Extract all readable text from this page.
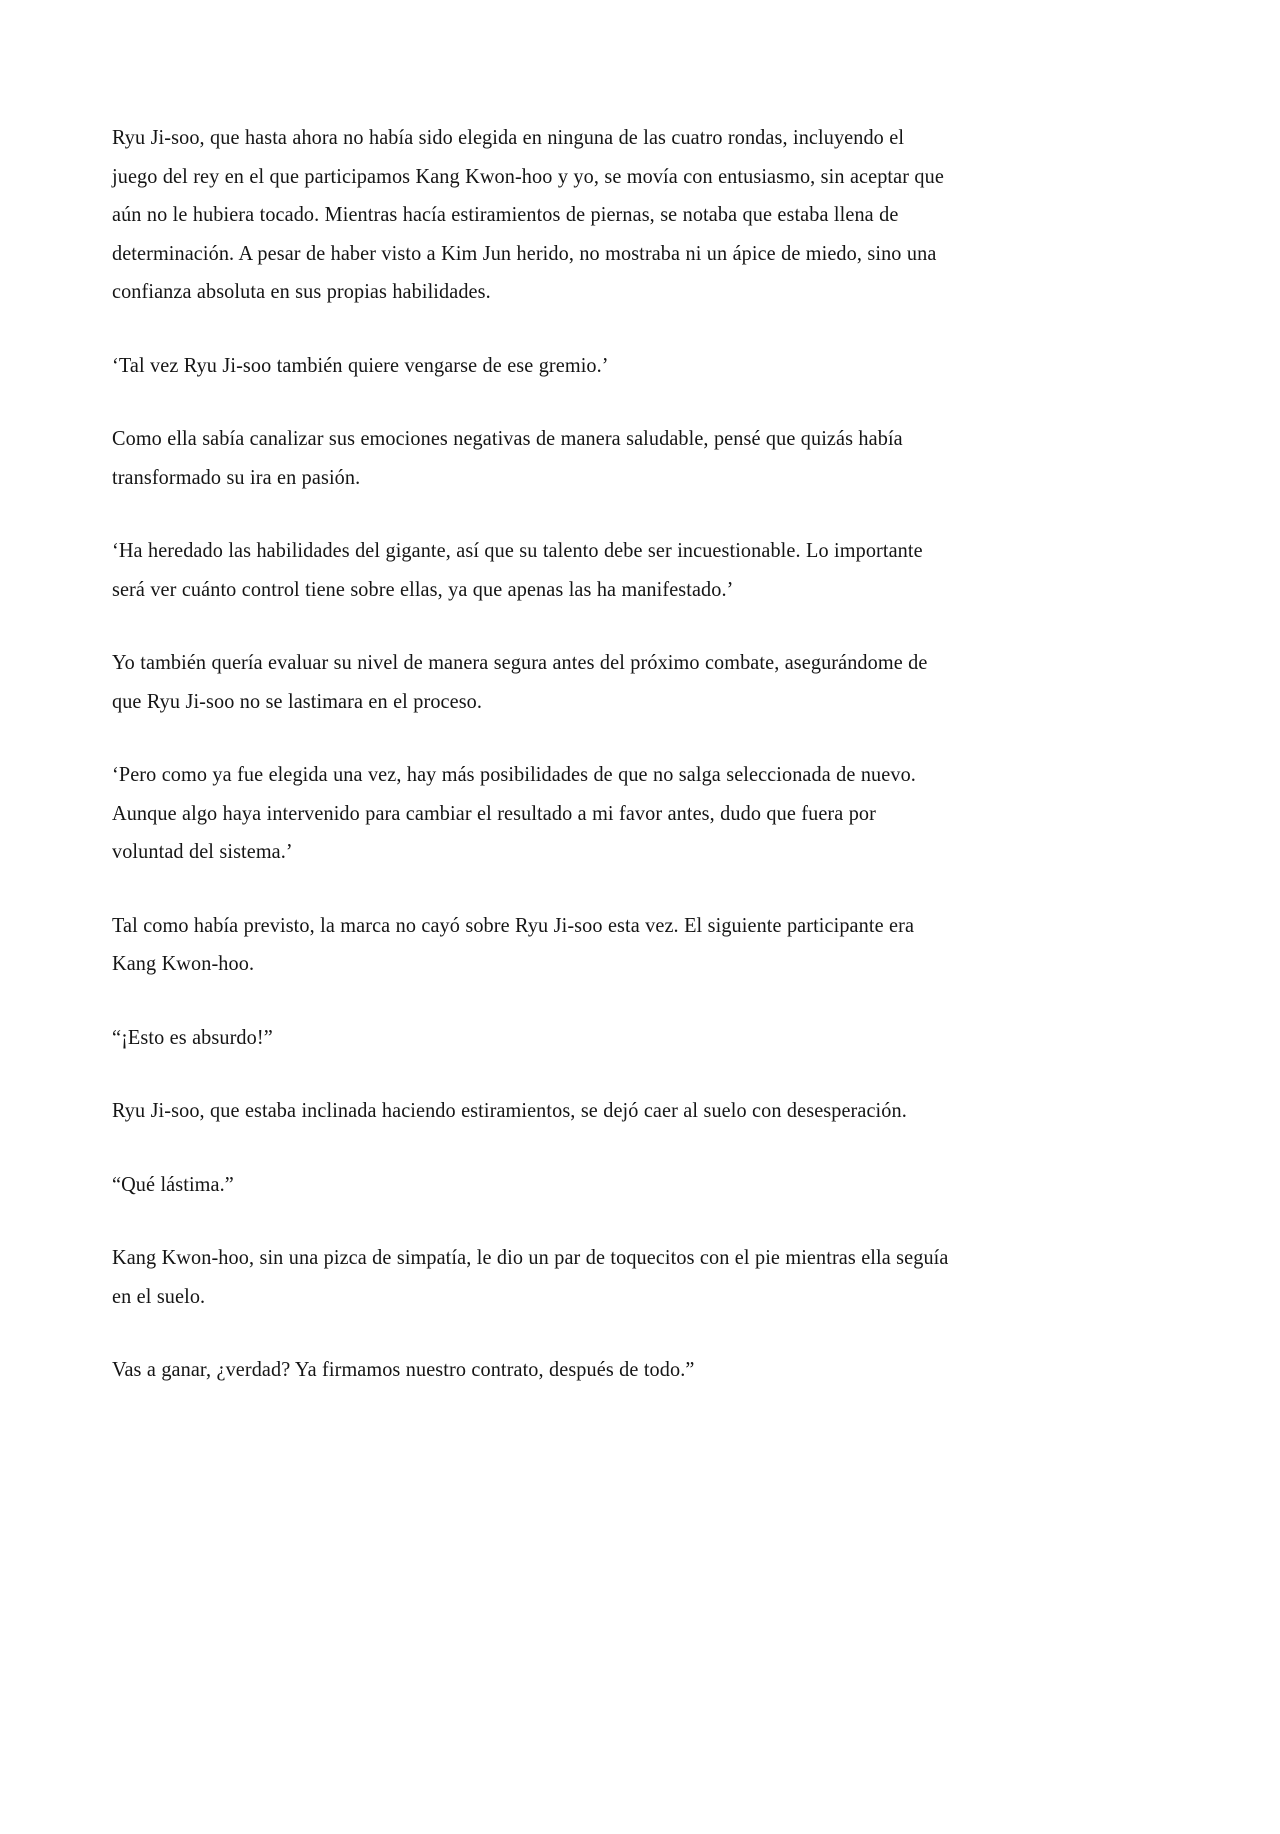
Ryu Ji-soo, que hasta ahora no había sido elegida en ninguna de las cuatro rondas, incluyendo el juego del rey en el que participamos Kang Kwon-hoo y yo, se movía con entusiasmo, sin aceptar que aún no le hubiera tocado. Mientras hacía estiramientos de piernas, se notaba que estaba llena de determinación. A pesar de haber visto a Kim Jun herido, no mostraba ni un ápice de miedo, sino una confianza absoluta en sus propias habilidades.

‘Tal vez Ryu Ji-soo también quiere vengarse de ese gremio.’

Como ella sabía canalizar sus emociones negativas de manera saludable, pensé que quizás había transformado su ira en pasión.

‘Ha heredado las habilidades del gigante, así que su talento debe ser incuestionable. Lo importante será ver cuánto control tiene sobre ellas, ya que apenas las ha manifestado.’

Yo también quería evaluar su nivel de manera segura antes del próximo combate, asegurándome de que Ryu Ji-soo no se lastimara en el proceso.

‘Pero como ya fue elegida una vez, hay más posibilidades de que no salga seleccionada de nuevo. Aunque algo haya intervenido para cambiar el resultado a mi favor antes, dudo que fuera por voluntad del sistema.’

Tal como había previsto, la marca no cayó sobre Ryu Ji-soo esta vez. El siguiente participante era Kang Kwon-hoo.

“¡Esto es absurdo!”

Ryu Ji-soo, que estaba inclinada haciendo estiramientos, se dejó caer al suelo con desesperación.

“Qué lástima.”

Kang Kwon-hoo, sin una pizca de simpatía, le dio un par de toquecitos con el pie mientras ella seguía en el suelo.

Vas a ganar, ¿verdad? Ya firmamos nuestro contrato, después de todo.”
